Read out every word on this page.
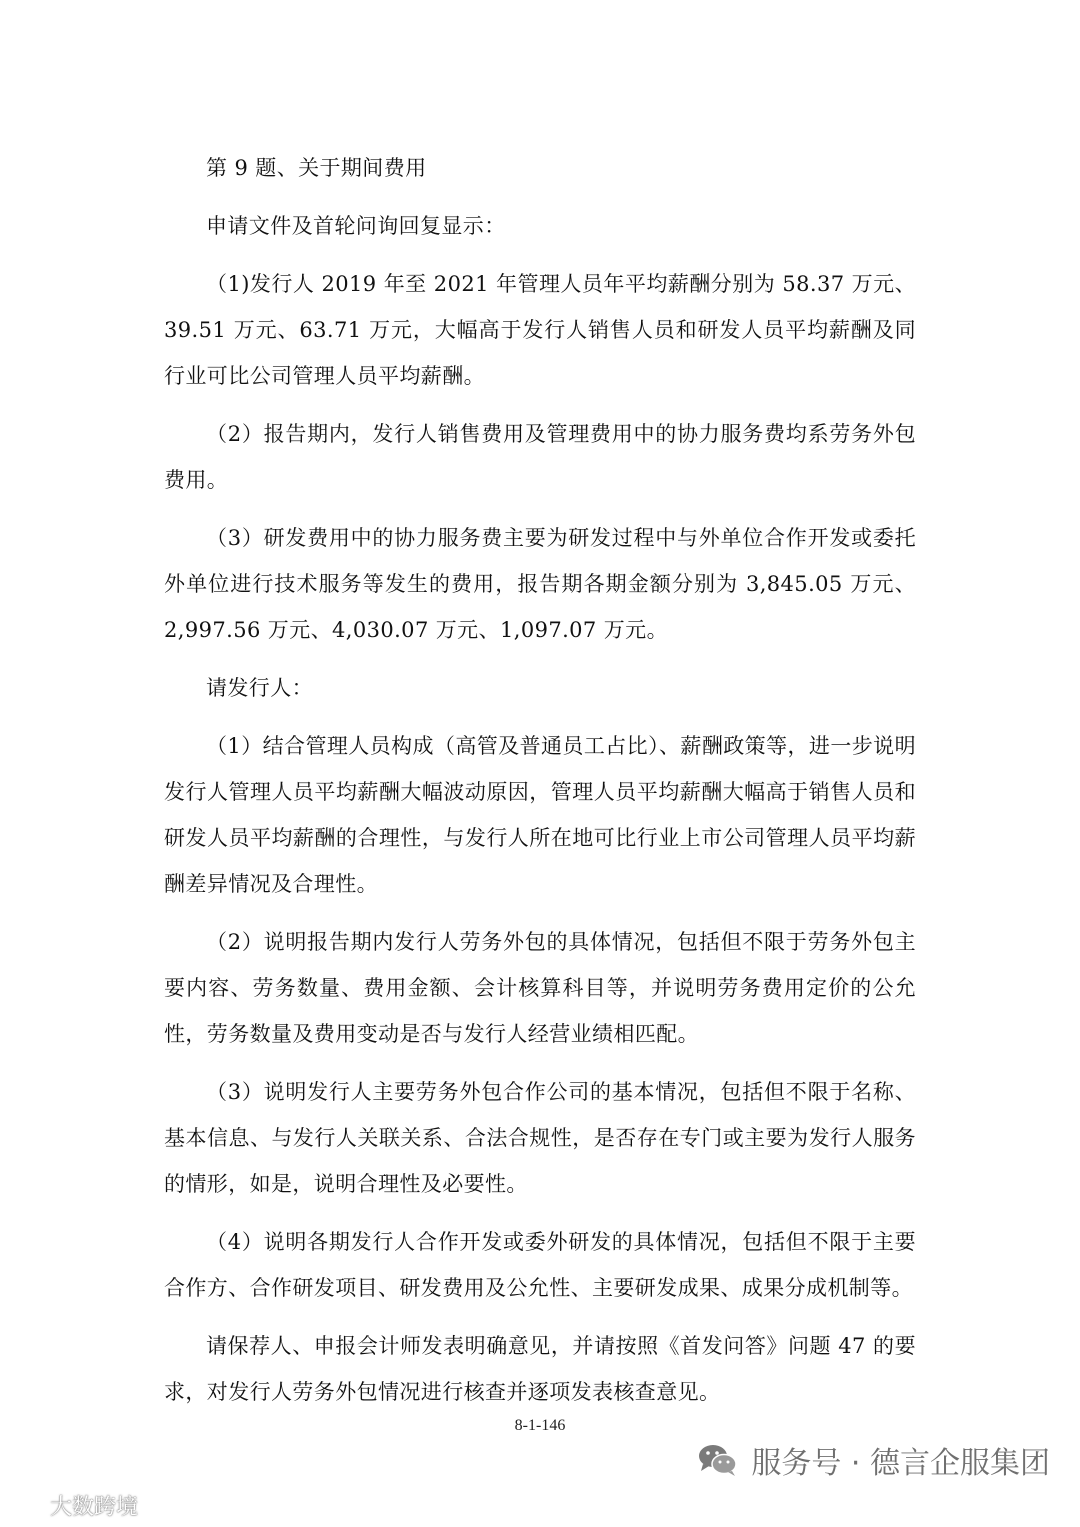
第 9 题、关于期间费用

申请文件及首轮问询回复显示：

（1)发行人 2019 年至 2021 年管理人员年平均薪酬分别为 58.37 万元、39.51 万元、63.71 万元，大幅高于发行人销售人员和研发人员平均薪酬及同行业可比公司管理人员平均薪酬。

（2）报告期内，发行人销售费用及管理费用中的协力服务费均系劳务外包费用。

（3）研发费用中的协力服务费主要为研发过程中与外单位合作开发或委托外单位进行技术服务等发生的费用，报告期各期金额分别为 3,845.05 万元、2,997.56 万元、4,030.07 万元、1,097.07 万元。

请发行人：

（1）结合管理人员构成（高管及普通员工占比）、薪酬政策等，进一步说明发行人管理人员平均薪酬大幅波动原因，管理人员平均薪酬大幅高于销售人员和研发人员平均薪酬的合理性，与发行人所在地可比行业上市公司管理人员平均薪酬差异情况及合理性。

（2）说明报告期内发行人劳务外包的具体情况，包括但不限于劳务外包主要内容、劳务数量、费用金额、会计核算科目等，并说明劳务费用定价的公允性，劳务数量及费用变动是否与发行人经营业绩相匹配。

（3）说明发行人主要劳务外包合作公司的基本情况，包括但不限于名称、基本信息、与发行人关联关系、合法合规性，是否存在专门或主要为发行人服务的情形，如是，说明合理性及必要性。

（4）说明各期发行人合作开发或委外研发的具体情况，包括但不限于主要合作方、合作研发项目、研发费用及公允性、主要研发成果、成果分成机制等。

请保荐人、申报会计师发表明确意见，并请按照《首发问答》问题 47 的要求，对发行人劳务外包情况进行核查并逐项发表核查意见。

8-1-146
大数跨境
服务号 · 德言企服集团
